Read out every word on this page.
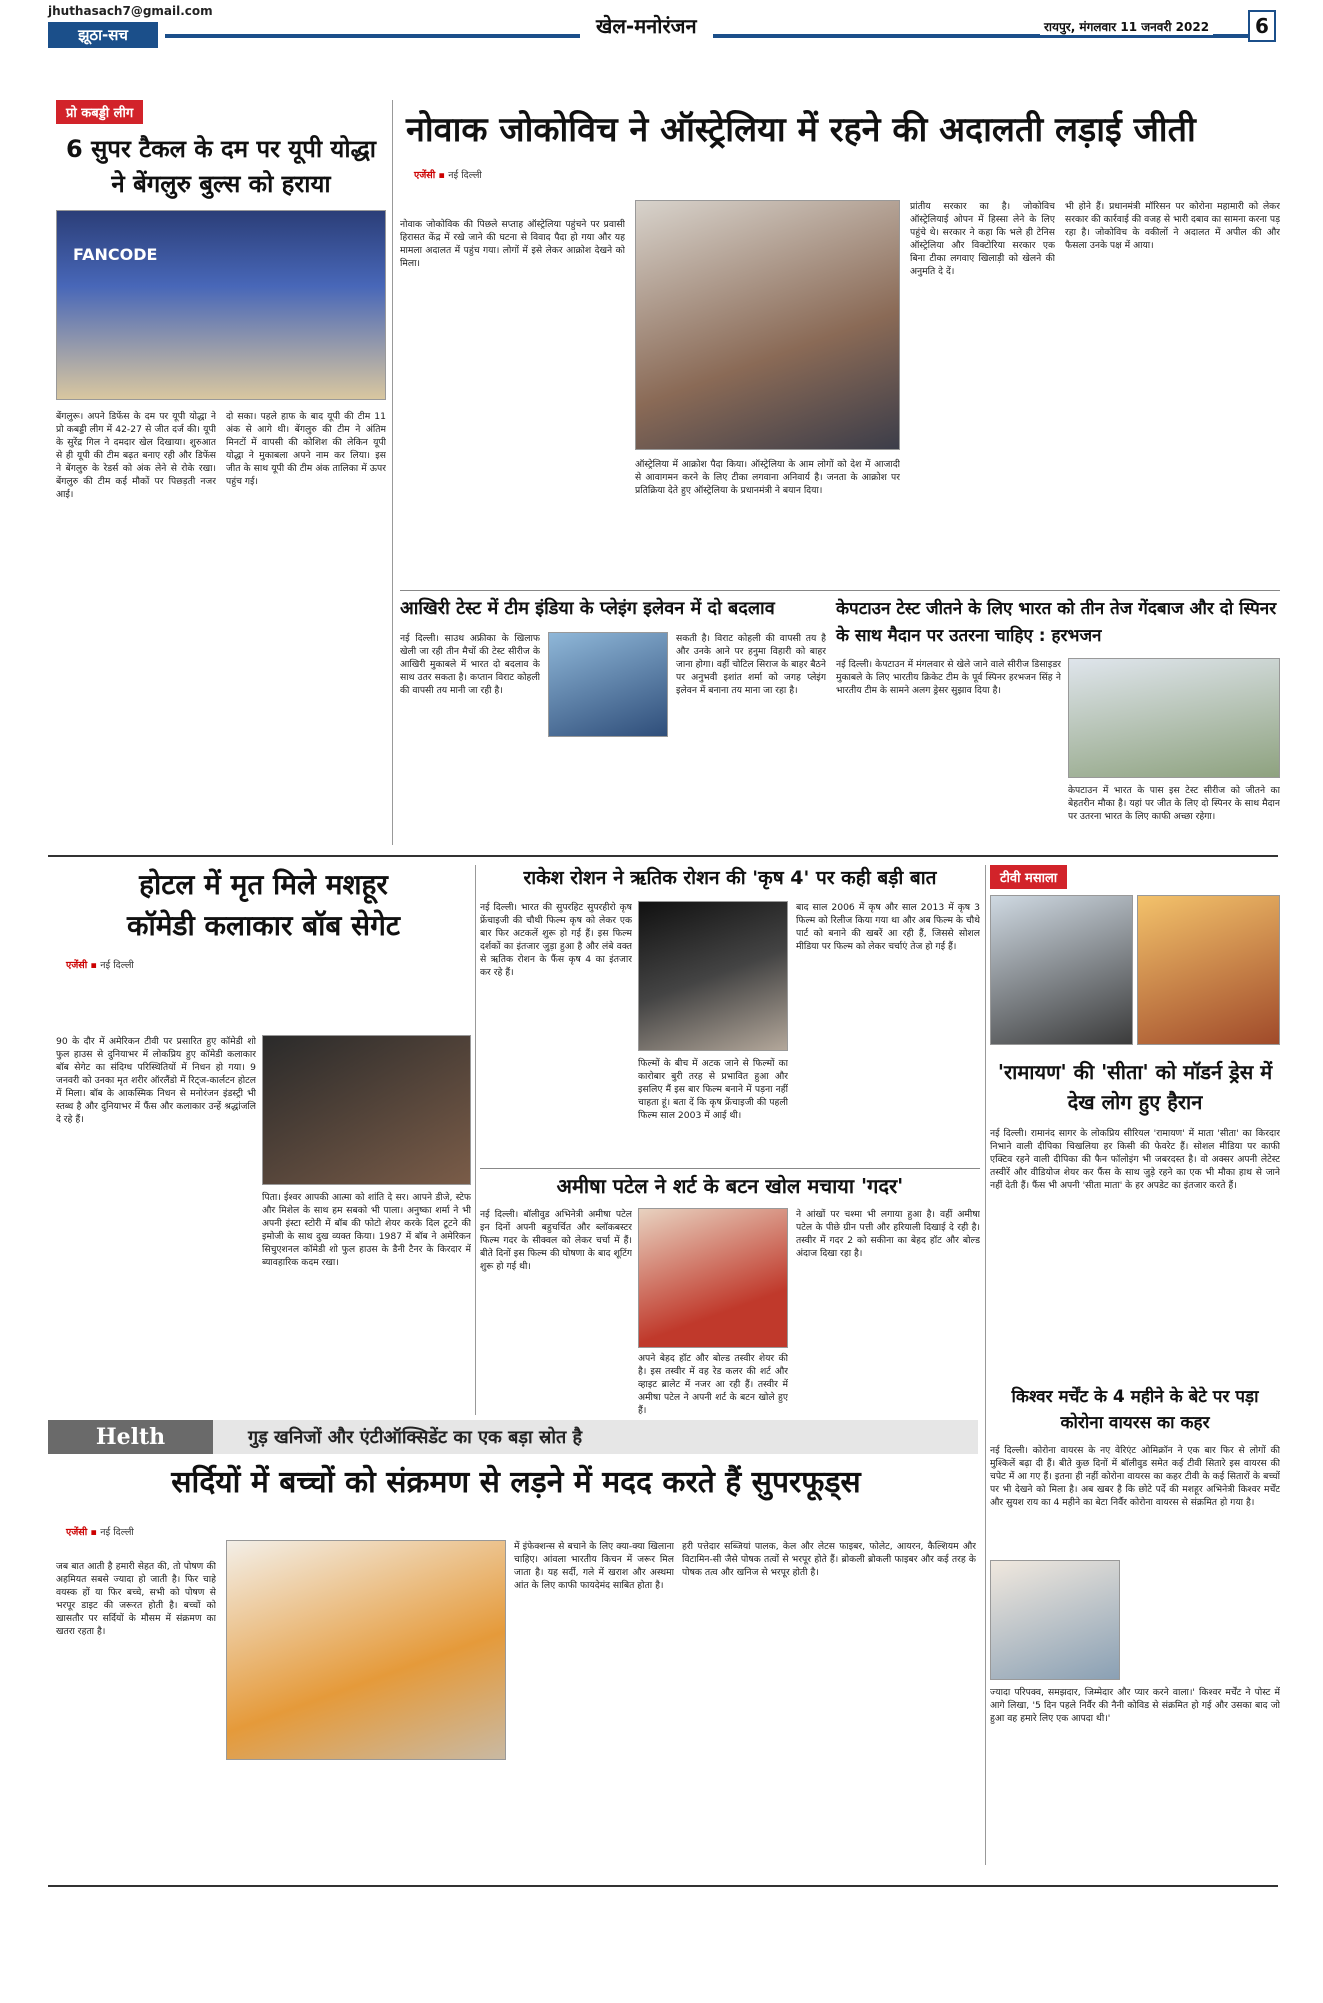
jhuthasach7@gmail.com
झूठा-सच	खेल-मनोरंजन	रायपुर, मंगलवार 11 जनवरी 2022	6
प्रो कबड्डी लीग
6 सुपर टैकल के दम पर यूपी योद्धा ने बेंगलुरु बुल्स को हराया
FANCODE
बेंगलुरू। अपने डिफेंस के दम पर यूपी योद्धा ने प्रो कबड्डी लीग में 42-27 से जीत दर्ज की। यूपी के सुरेंद्र गिल ने दमदार खेल दिखाया। शुरुआत से ही यूपी की टीम बढ़त बनाए रही और डिफेंस ने बेंगलुरु के रेडर्स को अंक लेने से रोके रखा। बेंगलुरु की टीम कई मौकों पर पिछड़ती नजर आई।
दो सका। पहले हाफ के बाद यूपी की टीम 11 अंक से आगे थी। बेंगलुरु की टीम ने अंतिम मिनटों में वापसी की कोशिश की लेकिन यूपी योद्धा ने मुकाबला अपने नाम कर लिया। इस जीत के साथ यूपी की टीम अंक तालिका में ऊपर पहुंच गई।
नोवाक जोकोविच ने ऑस्ट्रेलिया में रहने की अदालती लड़ाई जीती
एजेंसी ▪ नई दिल्ली
नोवाक जोकोविक की पिछले सप्ताह ऑस्ट्रेलिया पहुंचने पर प्रवासी हिरासत केंद्र में रखे जाने की घटना से विवाद पैदा हो गया और यह मामला अदालत में पहुंच गया। लोगों में इसे लेकर आक्रोश देखने को मिला।
ऑस्ट्रेलिया में आक्रोश पैदा किया। ऑस्ट्रेलिया के आम लोगों को देश में आजादी से आवागमन करने के लिए टीका लगवाना अनिवार्य है। जनता के आक्रोश पर प्रतिक्रिया देते हुए ऑस्ट्रेलिया के प्रधानमंत्री ने बयान दिया।
प्रांतीय सरकार का है। जोकोविच ऑस्ट्रेलियाई ओपन में हिस्सा लेने के लिए पहुंचे थे। सरकार ने कहा कि भले ही टेनिस ऑस्ट्रेलिया और विक्टोरिया सरकार एक बिना टीका लगवाए खिलाड़ी को खेलने की अनुमति दे दें।
भी होने हैं। प्रधानमंत्री मॉरिसन पर कोरोना महामारी को लेकर सरकार की कार्रवाई की वजह से भारी दबाव का सामना करना पड़ रहा है। जोकोविच के वकीलों ने अदालत में अपील की और फैसला उनके पक्ष में आया।
आखिरी टेस्ट में टीम इंडिया के प्लेइंग इलेवन में दो बदलाव
नई दिल्ली। साउथ अफ्रीका के खिलाफ खेली जा रही तीन मैचों की टेस्ट सीरीज के आखिरी मुकाबले में भारत दो बदलाव के साथ उतर सकता है। कप्तान विराट कोहली की वापसी तय मानी जा रही है।
सकती है। विराट कोहली की वापसी तय है और उनके आने पर हनुमा विहारी को बाहर जाना होगा। वहीं चोटिल सिराज के बाहर बैठने पर अनुभवी इशांत शर्मा को जगह प्लेइंग इलेवन में बनाना तय माना जा रहा है।
केपटाउन टेस्ट जीतने के लिए भारत को तीन तेज गेंदबाज और दो स्पिनर के साथ मैदान पर उतरना चाहिए : हरभजन
नई दिल्ली। केपटाउन में मंगलवार से खेले जाने वाले सीरीज डिसाइडर मुकाबले के लिए भारतीय क्रिकेट टीम के पूर्व स्पिनर हरभजन सिंह ने भारतीय टीम के सामने अलग ड्रेसर सुझाव दिया है।
केपटाउन में भारत के पास इस टेस्ट सीरीज को जीतने का बेहतरीन मौका है। यहां पर जीत के लिए दो स्पिनर के साथ मैदान पर उतरना भारत के लिए काफी अच्छा रहेगा।
होटल में मृत मिले मशहूर
कॉमेडी कलाकार बॉब सेगेट
एजेंसी ▪ नई दिल्ली
90 के दौर में अमेरिकन टीवी पर प्रसारित हुए कॉमेडी शो फुल हाउस से दुनियाभर में लोकप्रिय हुए कॉमेडी कलाकार बॉब सेगेट का संदिग्ध परिस्थितियों में निधन हो गया। 9 जनवरी को उनका मृत शरीर ऑरलैंडो में रिट्ज-कार्लटन होटल में मिला। बॉब के आकस्मिक निधन से मनोरंजन इंडस्ट्री भी स्तब्ध है और दुनियाभर में फैंस और कलाकार उन्हें श्रद्धांजलि दे रहे हैं।
पिता। ईश्वर आपकी आत्मा को शांति दे सर। आपने डीजे, स्टेफ और मिशेल के साथ हम सबको भी पाला। अनुष्का शर्मा ने भी अपनी इंस्टा स्टोरी में बॉब की फोटो शेयर करके दिल टूटने की इमोजी के साथ दुख व्यक्त किया। 1987 में बॉब ने अमेरिकन सिचुएशनल कॉमेडी शो फुल हाउस के डैनी टैनर के किरदार में ब्यावहारिक कदम रखा।
राकेश रोशन ने ऋतिक रोशन की 'कृष 4' पर कही बड़ी बात
नई दिल्ली। भारत की सुपरहिट सुपरहीरो कृष फ्रेंचाइजी की चौथी फिल्म कृष को लेकर एक बार फिर अटकलें शुरू हो गई हैं। इस फिल्म दर्शकों का इंतजार जुड़ा हुआ है और लंबे वक्त से ऋतिक रोशन के फैंस कृष 4 का इंतजार कर रहे हैं।
फिल्मों के बीच में अटक जाने से फिल्मों का कारोबार बुरी तरह से प्रभावित हुआ और इसलिए मैं इस बार फिल्म बनाने में पड़ना नहीं चाहता हूं। बता दें कि कृष फ्रेंचाइजी की पहली फिल्म साल 2003 में आई थी।
बाद साल 2006 में कृष और साल 2013 में कृष 3 फिल्म को रिलीज किया गया था और अब फिल्म के चौथे पार्ट को बनाने की खबरें आ रही हैं, जिससे सोशल मीडिया पर फिल्म को लेकर चर्चाएं तेज हो गई हैं।
अमीषा पटेल ने शर्ट के बटन खोल मचाया 'गदर'
नई दिल्ली। बॉलीवुड अभिनेत्री अमीषा पटेल इन दिनों अपनी बहुचर्चित और ब्लॉकबस्टर फिल्म गदर के सीक्वल को लेकर चर्चा में हैं। बीते दिनों इस फिल्म की घोषणा के बाद शूटिंग शुरू हो गई थी।
अपने बेहद हॉट और बोल्ड तस्वीर शेयर की है। इस तस्वीर में वह रेड कलर की शर्ट और व्हाइट ब्रालेट में नजर आ रही हैं। तस्वीर में अमीषा पटेल ने अपनी शर्ट के बटन खोले हुए हैं।
ने आंखों पर चश्मा भी लगाया हुआ है। वहीं अमीषा पटेल के पीछे ग्रीन पत्ती और हरियाली दिखाई दे रही है। तस्वीर में गदर 2 को सकीना का बेहद हॉट और बोल्ड अंदाज दिखा रहा है।
टीवी मसाला
'रामायण' की 'सीता' को मॉडर्न ड्रेस में देख लोग हुए हैरान
नई दिल्ली। रामानंद सागर के लोकप्रिय सीरियल 'रामायण' में माता 'सीता' का किरदार निभाने वाली दीपिका चिखलिया हर किसी की फेवरेट हैं। सोशल मीडिया पर काफी एक्टिव रहने वाली दीपिका की फैन फॉलोइंग भी जबरदस्त है। वो अक्सर अपनी लेटेस्ट तस्वीरें और वीडियोज शेयर कर फैंस के साथ जुड़े रहने का एक भी मौका हाथ से जाने नहीं देती हैं। फैंस भी अपनी 'सीता माता' के हर अपडेट का इंतजार करते हैं।
किश्वर मर्चेंट के 4 महीने के बेटे पर पड़ा कोरोना वायरस का कहर
नई दिल्ली। कोरोना वायरस के नए वेरिएंट ओमिक्रॉन ने एक बार फिर से लोगों की मुश्किलें बढ़ा दी हैं। बीते कुछ दिनों में बॉलीवुड समेत कई टीवी सितारे इस वायरस की चपेट में आ गए हैं। इतना ही नहीं कोरोना वायरस का कहर टीवी के कई सितारों के बच्चों पर भी देखने को मिला है। अब खबर है कि छोटे पर्दे की मशहूर अभिनेत्री किश्वर मर्चेंट और सुयश राय का 4 महीने का बेटा निर्वैर कोरोना वायरस से संक्रमित हो गया है।
ज्यादा परिपक्व, समझदार, जिम्मेदार और प्यार करने वाला।' किश्वर मर्चेंट ने पोस्ट में आगे लिखा, '5 दिन पहले निर्वैर की नैनी कोविड से संक्रमित हो गई और उसका बाद जो हुआ वह हमारे लिए एक आपदा थी।'
Helth	गुड़ खनिजों और एंटीऑक्सिडेंट का एक बड़ा स्रोत है
सर्दियों में बच्चों को संक्रमण से लड़ने में मदद करते हैं सुपरफूड्स
एजेंसी ▪ नई दिल्ली
जब बात आती है हमारी सेहत की, तो पोषण की अहमियत सबसे ज्यादा हो जाती है। फिर चाहे वयस्क हों या फिर बच्चे, सभी को पोषण से भरपूर डाइट की जरूरत होती है। बच्चों को खासतौर पर सर्दियों के मौसम में संक्रमण का खतरा रहता है।
में इंफेक्शन्स से बचाने के लिए क्या-क्या खिलाना चाहिए। आंवला भारतीय किचन में जरूर मिल जाता है। यह सर्दी, गले में खराश और अस्थमा आंत के लिए काफी फायदेमंद साबित होता है।
हरी पत्तेदार सब्जियां पालक, केल और लेटस फाइबर, फोलेट, आयरन, कैल्शियम और विटामिन-सी जैसे पोषक तत्वों से भरपूर होते हैं। ब्रोकली ब्रोकली फाइबर और कई तरह के पोषक तत्व और खनिज से भरपूर होती है।
